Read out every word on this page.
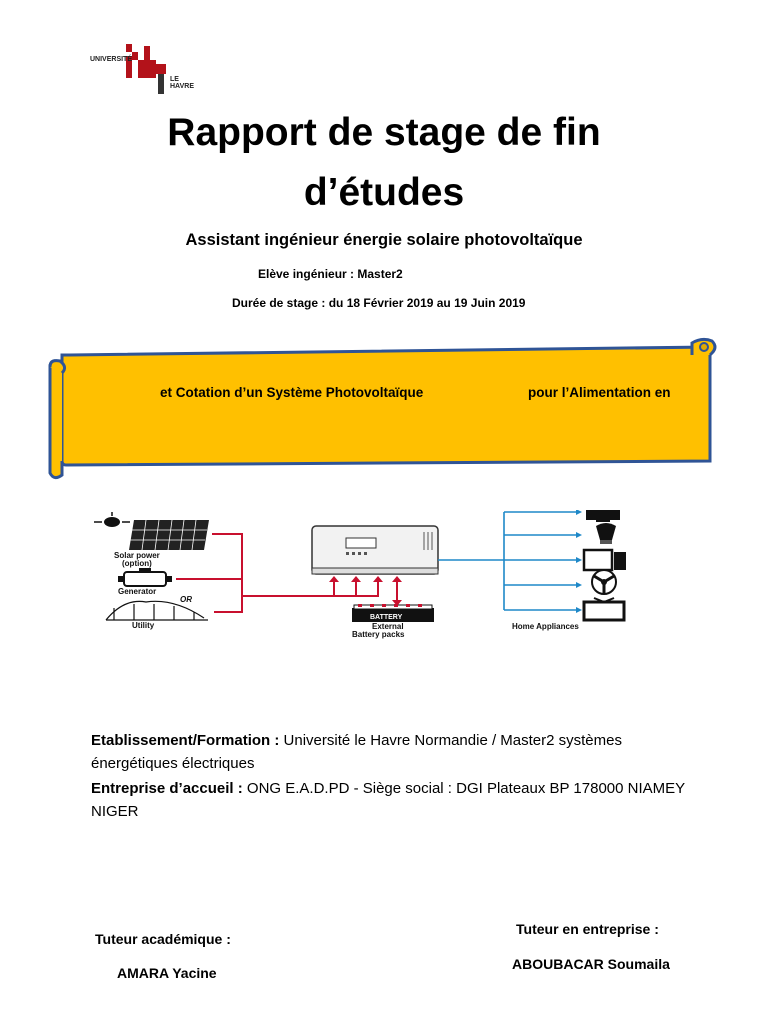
UNIVERSITÉ
LE HAVRE
Rapport de stage de fin
d’études
Assistant ingénieur énergie solaire photovoltaïque
Elève ingénieur : Master2
Durée de stage : du 18 Février 2019 au 19 Juin 2019
et Cotation d’un Système Photovoltaïque	pour l’Alimentation en
Solar power
(option)
Generator
OR
Utility
BATTERY
External
Battery packs
Home Appliances
Etablissement/Formation : Université le Havre Normandie / Master2 systèmes énergétiques électriques
Entreprise d’accueil : ONG E.A.D.PD - Siège social : DGI Plateaux BP 178000 NIAMEY NIGER
Tuteur académique :
AMARA Yacine
Tuteur en entreprise :
ABOUBACAR Soumaila
